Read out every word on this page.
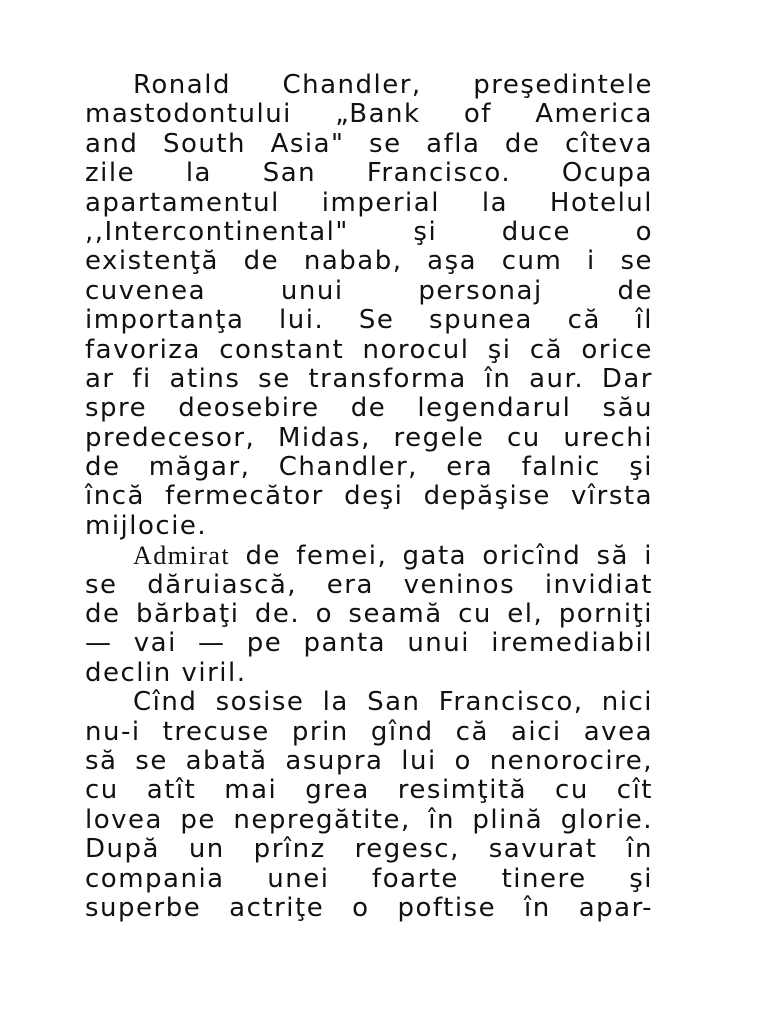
Ronald Chandler, preşedintele
mastodontului „Bank of America
and South Asia" se afla de cîteva
zile la San Francisco. Ocupa
apartamentul imperial la Hotelul
,,Intercontinental" şi duce o
existenţă de nabab, aşa cum i se
cuvenea unui personaj de
importanţa lui. Se spunea că îl
favoriza constant norocul şi că orice
ar fi atins se transforma în aur. Dar
spre deosebire de legendarul său
predecesor, Midas, regele cu urechi
de măgar, Chandler, era falnic şi
încă fermecător deşi depăşise vîrsta
mijlocie.
Admirat de femei, gata oricînd să i
se dăruiască, era veninos invidiat
de bărbaţi de. o seamă cu el, porniţi
— vai — pe panta unui iremediabil
declin viril.
Cînd sosise la San Francisco, nici
nu-i trecuse prin gînd că aici avea
să se abată asupra lui o nenorocire,
cu atît mai grea resimţită cu cît
lovea pe nepregătite, în plină glorie.
După un prînz regesc, savurat în
compania unei foarte tinere şi
superbe actriţe o poftise în apar-
